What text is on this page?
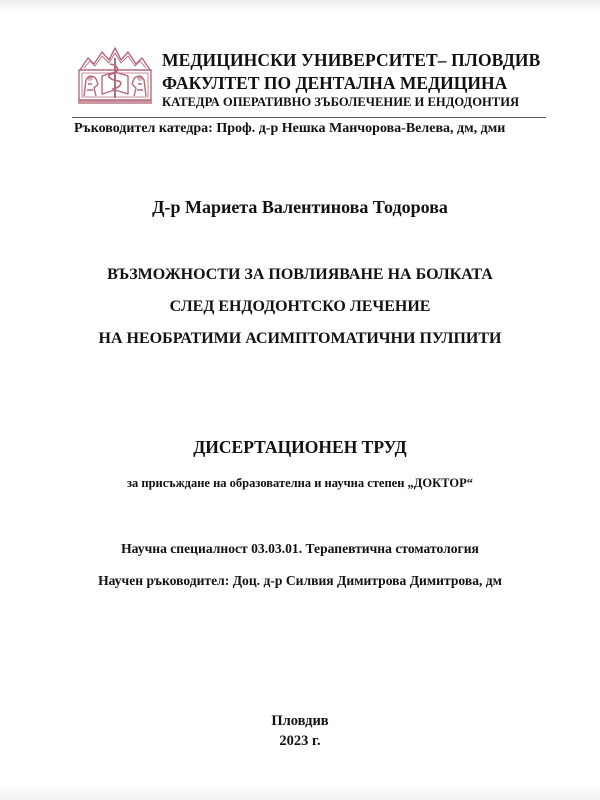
МЕДИЦИНСКИ УНИВЕРСИТЕТ– ПЛОВДИВ
ФАКУЛТЕТ ПО ДЕНТАЛНА МЕДИЦИНА
КАТЕДРА ОПЕРАТИВНО ЗЪБОЛЕЧЕНИЕ И ЕНДОДОНТИЯ
Ръководител катедра: Проф. д-р Нешка Манчорова-Велева, дм, дми
Д-р Мариета Валентинова Тодорова
ВЪЗМОЖНОСТИ ЗА ПОВЛИЯВАНЕ НА БОЛКАТА
СЛЕД ЕНДОДОНТСКО ЛЕЧЕНИЕ
НА НЕОБРАТИМИ АСИМПТОМАТИЧНИ ПУЛПИТИ
ДИСЕРТАЦИОНЕН ТРУД
за присъждане на образователна и научна степен „ДОКТОР“
Научна специалност 03.03.01. Терапевтична стоматология
Научен ръководител: Доц. д-р Силвия Димитрова Димитрова, дм
Пловдив
2023 г.
